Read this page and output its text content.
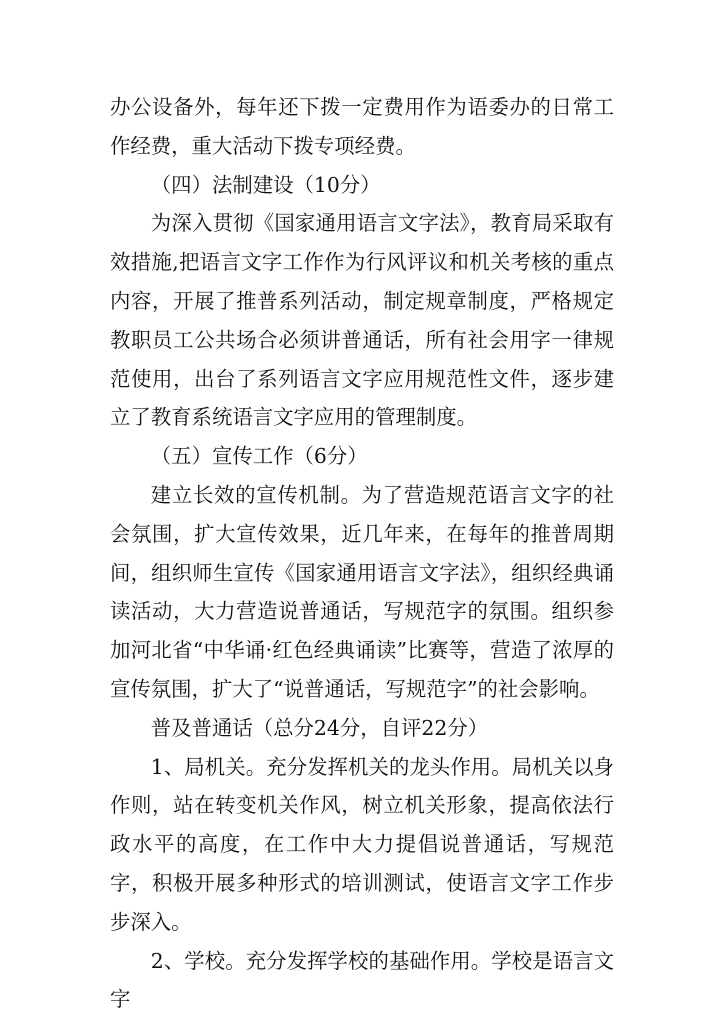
办公设备外，每年还下拨一定费用作为语委办的日常工作经费，重大活动下拨专项经费。

（四）法制建设（10分）

为深入贯彻《国家通用语言文字法》，教育局采取有效措施,把语言文字工作作为行风评议和机关考核的重点内容，开展了推普系列活动，制定规章制度，严格规定教职员工公共场合必须讲普通话，所有社会用字一律规范使用，出台了系列语言文字应用规范性文件，逐步建立了教育系统语言文字应用的管理制度。

（五）宣传工作（6分）

建立长效的宣传机制。为了营造规范语言文字的社会氛围，扩大宣传效果，近几年来，在每年的推普周期间，组织师生宣传《国家通用语言文字法》，组织经典诵读活动，大力营造说普通话，写规范字的氛围。组织参加河北省“中华诵·红色经典诵读”比赛等，营造了浓厚的宣传氛围，扩大了“说普通话，写规范字”的社会影响。

普及普通话（总分24分，自评22分）

1、局机关。充分发挥机关的龙头作用。局机关以身作则，站在转变机关作风，树立机关形象，提高依法行政水平的高度，在工作中大力提倡说普通话，写规范字，积极开展多种形式的培训测试，使语言文字工作步步深入。

2、学校。充分发挥学校的基础作用。学校是语言文字
